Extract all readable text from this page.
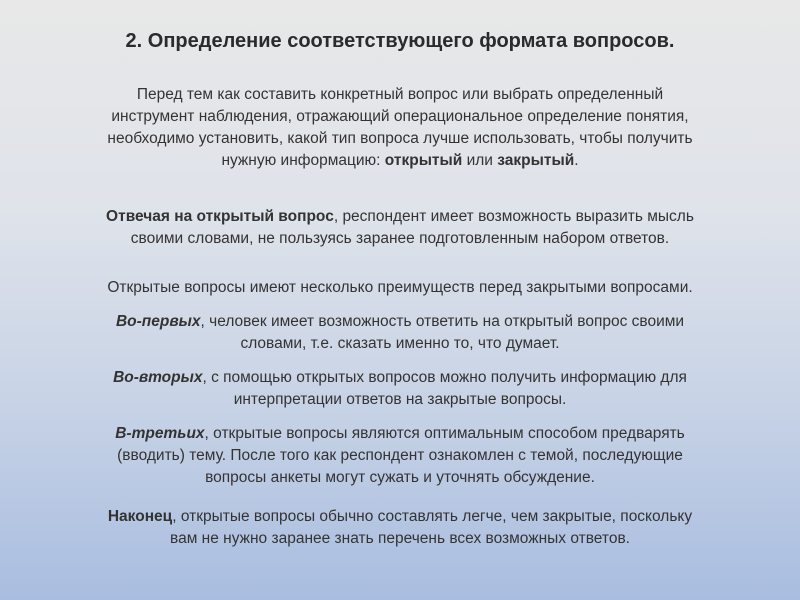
2. Определение соответствующего формата вопросов.
Перед тем как составить конкретный вопрос или выбрать определенный
инструмент наблюдения, отражающий операциональное определение понятия,
необходимо установить, какой тип вопроса лучше использовать, чтобы получить
нужную информацию: открытый или закрытый.
Отвечая на открытый вопрос, респондент имеет возможность выразить мысль
своими словами, не пользуясь заранее подготовленным набором ответов.
Открытые вопросы имеют несколько преимуществ перед закрытыми вопросами.
Во-первых, человек имеет возможность ответить на открытый вопрос своими
словами, т.е. сказать именно то, что думает.
Во-вторых, с помощью открытых вопросов можно получить информацию для
интерпретации ответов на закрытые вопросы.
В-третьих, открытые вопросы являются оптимальным способом предварять
(вводить) тему. После того как респондент ознакомлен с темой, последующие
вопросы анкеты могут сужать и уточнять обсуждение.
Наконец, открытые вопросы обычно составлять легче, чем закрытые, поскольку
вам не нужно заранее знать перечень всех возможных ответов.
